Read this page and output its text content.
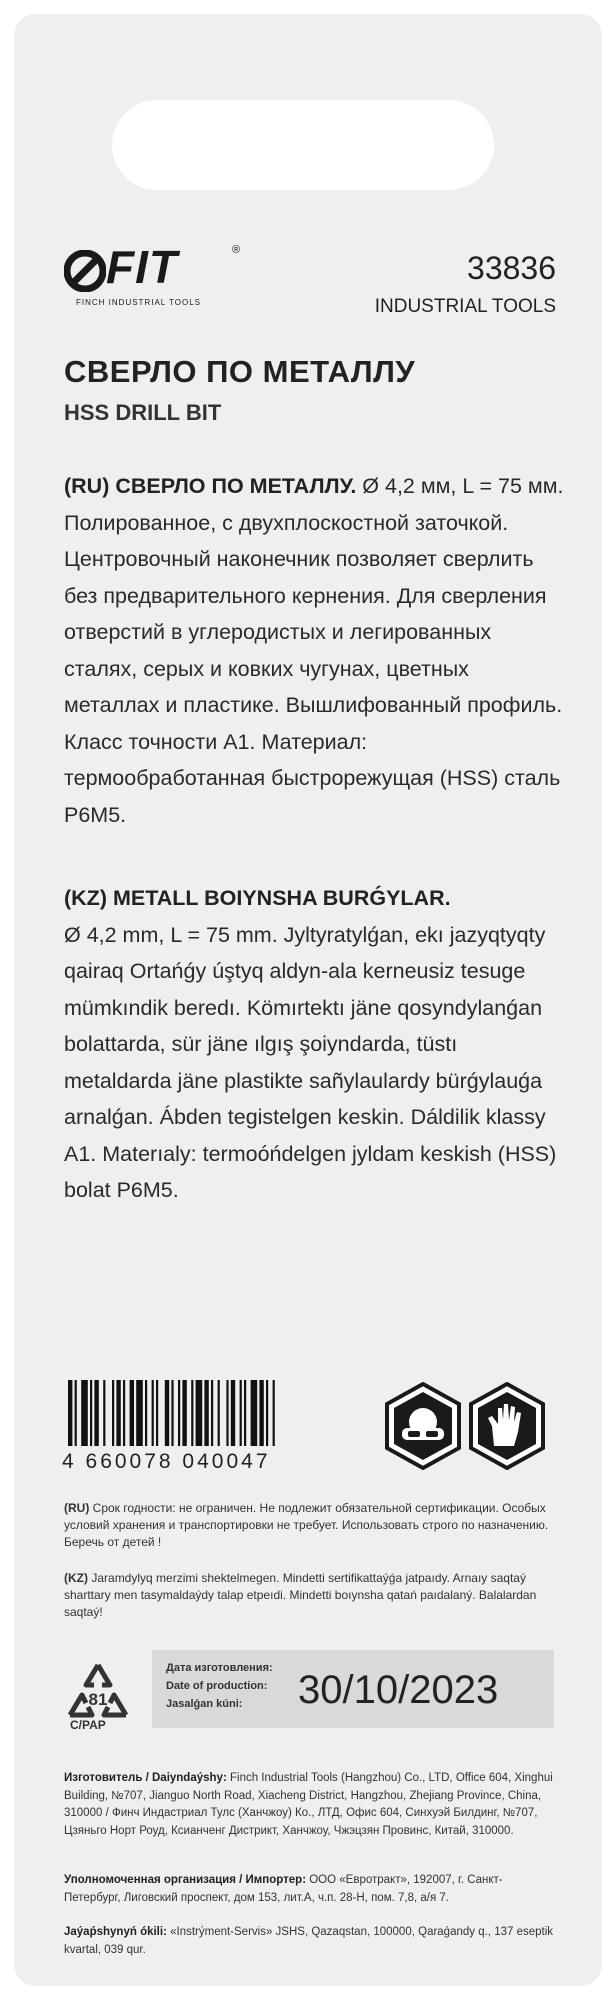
FIT	®
FINCH INDUSTRIAL TOOLS
33836
INDUSTRIAL TOOLS
СВЕРЛО ПО МЕТАЛЛУ
HSS DRILL BIT
(RU) СВЕРЛО ПО МЕТАЛЛУ. Ø 4,2 мм, L = 75 мм. Полированное, с двухплоскостной заточкой. Центровочный наконечник позволяет сверлить без предварительного кернения. Для сверления отверстий в углеродистых и легированных сталях, серых и ковких чугунах, цветных металлах и пластике. Вышлифованный профиль. Класс точности А1. Материал: термообработанная быстрорежущая (HSS) сталь Р6М5.
(KZ) METALL BOIYNSHA BURǴYLAR.
Ø 4,2 mm, L = 75 mm. Jyltyratylǵan, ekı jazyqtyqty qairaq Ortańǵy úştyq aldyn-ala kerneusiz tesuge mümkındik beredı. Kömırtektı jäne qosyndylanǵan bolattarda, sür jäne ılgış şoiyndarda, tüstı metaldarda jäne plastikte sañylaulardy bürǵylauǵa arnalǵan. Ábden tegistelgen keskin. Dáldilik klassy A1. Materıaly: termoóńdelgen jyldam keskish (HSS) bolat P6M5.
4 660078 040047
(RU) Срок годности: не ограничен. Не подлежит обязательной сертификации. Особых условий хранения и транспортировки не требует. Использовать строго по назначению. Беречь от детей !
(KZ) Jaramdylyq merzimi shektelmegen. Mindetti sertifikattaýǵa jatpaıdy. Arnaıy saqtaý sharttary men tasymaldaýdy talap etpeıdi. Mindetti boıynsha qatań paıdalaný. Balalardan saqtaý!
81
C/PAP
Дата изготовления:
Date of production:
Jasalǵan kúni: 30/10/2023
Изготовитель / Daiyndaýshy: Finch Industrial Tools (Hangzhou) Co., LTD, Office 604, Xinghui Building, №707, Jianguo North Road, Xiacheng District, Hangzhou, Zhejiang Province, China, 310000 / Финч Индастриал Тулс (Ханчжоу) Ко., ЛТД, Офис 604, Синхуэй Билдинг, №707, Цзяньго Норт Роуд, Ксианченг Дистрикт, Ханчжоу, Чжэцзян Провинс, Китай, 310000.
Уполномоченная организация / Импортер: ООО «Евротракт», 192007, г. Санкт-Петербург, Лиговский проспект, дом 153, лит.А, ч.п. 28-Н, пом. 7,8, а/я 7.
Jaýaṕshynyń ókili: «Instrýment-Servis» JSHS, Qazaqstan, 100000, Qaraǵandy q., 137 eseptik kvartal, 039 qur.
